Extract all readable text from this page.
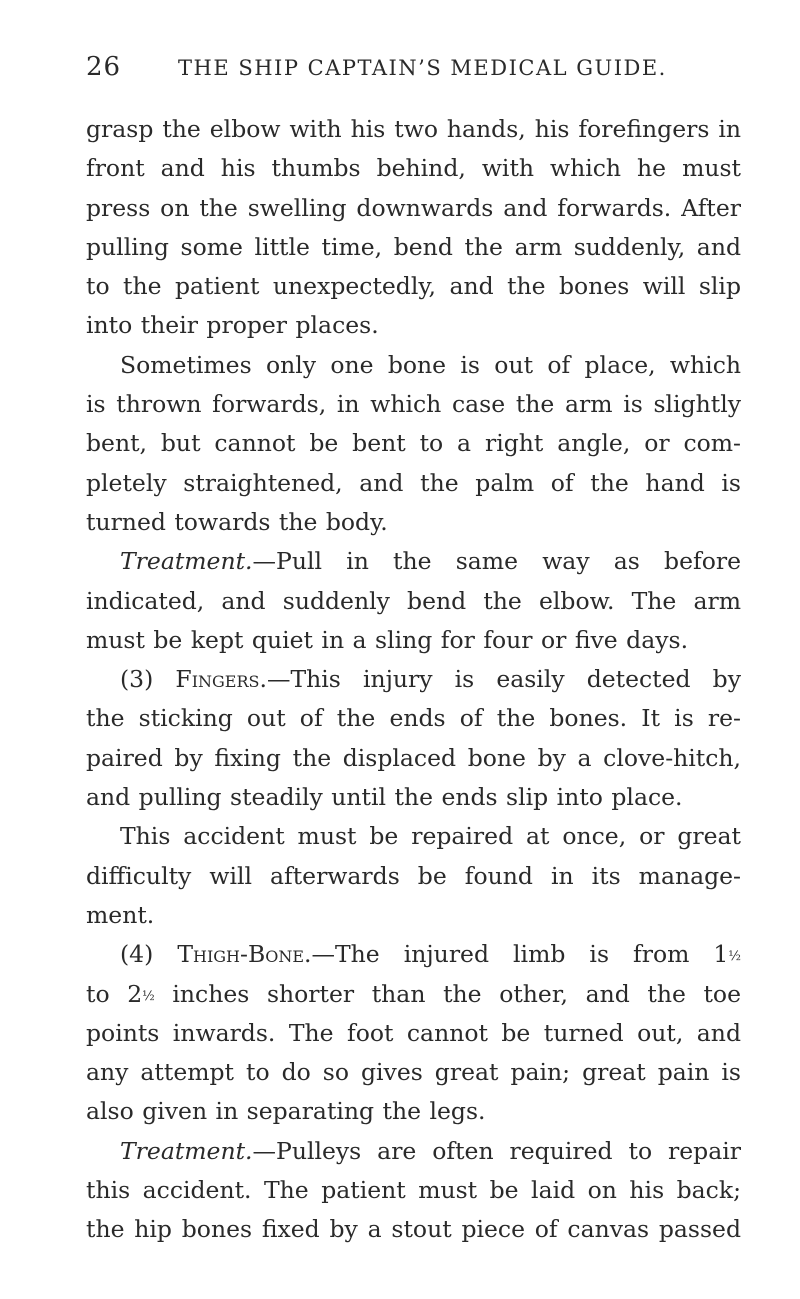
26	THE SHIP CAPTAIN’S MEDICAL GUIDE.
grasp the elbow with his two hands, his forefingers in
front and his thumbs behind, with which he must
press on the swelling downwards and forwards. After
pulling some little time, bend the arm suddenly, and
to the patient unexpectedly, and the bones will slip
into their proper places.
Sometimes only one bone is out of place, which
is thrown forwards, in which case the arm is slightly
bent, but cannot be bent to a right angle, or com-
pletely straightened, and the palm of the hand is
turned towards the body.
Treatment.—Pull in the same way as before
indicated, and suddenly bend the elbow. The arm
must be kept quiet in a sling for four or five days.
(3) Fingers.—This injury is easily detected by
the sticking out of the ends of the bones. It is re-
paired by fixing the displaced bone by a clove-hitch,
and pulling steadily until the ends slip into place.
This accident must be repaired at once, or great
difficulty will afterwards be found in its manage-
ment.
(4) Thigh-Bone.—The injured limb is from 1½
to 2½ inches shorter than the other, and the toe
points inwards. The foot cannot be turned out, and
any attempt to do so gives great pain; great pain is
also given in separating the legs.
Treatment.—Pulleys are often required to repair
this accident. The patient must be laid on his back;
the hip bones fixed by a stout piece of canvas passed
